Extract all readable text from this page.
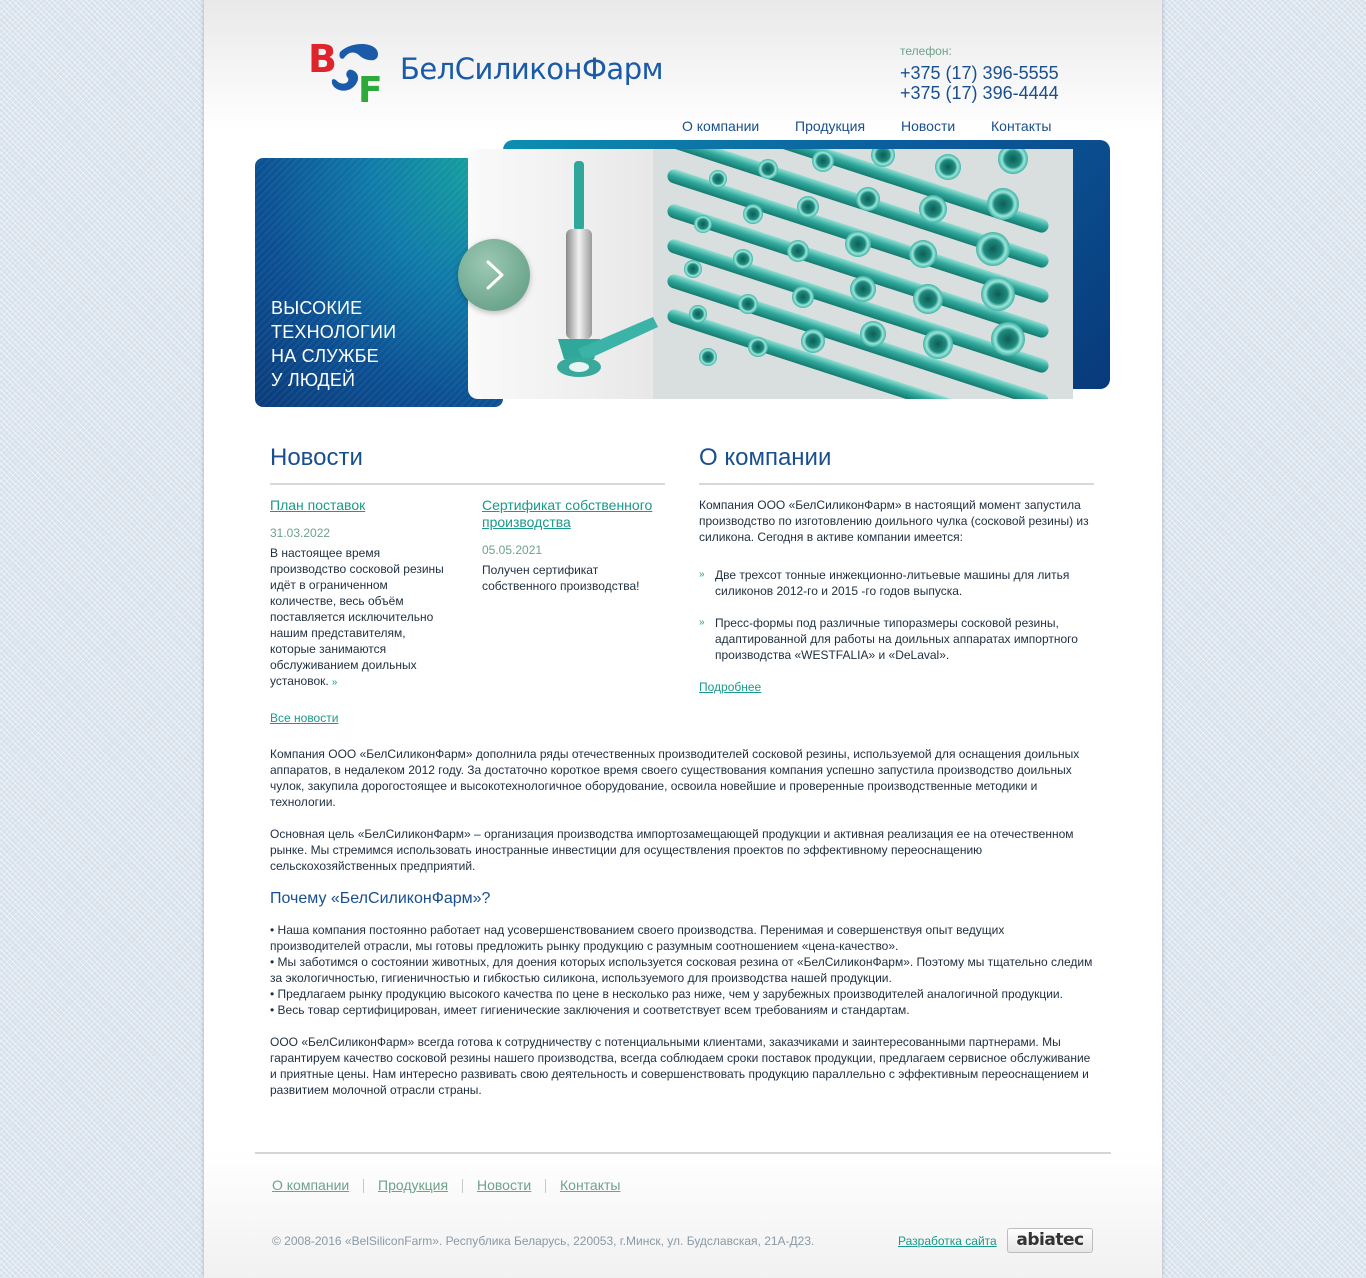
B
F
БелСиликонФарм
телефон:
+375 (17) 396-5555
+375 (17) 396-4444
О компании	Продукция	Новости	Контакты
ВЫСОКИЕ
ТЕХНОЛОГИИ
НА СЛУЖБЕ
У ЛЮДЕЙ
Новости
План поставок
31.03.2022
В настоящее время производство сосковой резины идёт в ограниченном количестве, весь объём поставляется исключительно нашим представителям, которые занимаются обслуживанием доильных установок. »
Сертификат собственного производства
05.05.2021
Получен сертификат собственного производства!
Все новости
О компании

Компания ООО «БелСиликонФарм» в настоящий момент запустила производство по изготовлению доильного чулка (сосковой резины) из силикона. Сегодня в активе компании имеется:

» Две трехсот тонные инжекционно-литьевые машины для литья силиконов 2012-го и 2015 -го годов выпуска.
» Пресс-формы под различные типоразмеры сосковой резины, адаптированной для работы на доильных аппаратах импортного производства «WESTFALIA» и «DeLaval».
Подробнее

Компания ООО «БелСиликонФарм» дополнила ряды отечественных производителей сосковой резины, используемой для оснащения доильных аппаратов, в недалеком 2012 году. За достаточно короткое время своего существования компания успешно запустила производство доильных чулок, закупила дорогостоящее и высокотехнологичное оборудование, освоила новейшие и проверенные производственные методики и технологии.

Основная цель «БелСиликонФарм» – организация производства импортозамещающей продукции и активная реализация ее на отечественном рынке. Мы стремимся использовать иностранные инвестиции для осуществления проектов по эффективному переоснащению сельскохозяйственных предприятий.

Почему «БелСиликонФарм»?
• Наша компания постоянно работает над усовершенствованием своего производства. Перенимая и совершенствуя опыт ведущих производителей отрасли, мы готовы предложить рынку продукцию с разумным соотношением «цена-качество».
• Мы заботимся о состоянии животных, для доения которых используется сосковая резина от «БелСиликонФарм». Поэтому мы тщательно следим за экологичностью, гигиеничностью и гибкостью силикона, используемого для производства нашей продукции.
• Предлагаем рынку продукцию высокого качества по цене в несколько раз ниже, чем у зарубежных производителей аналогичной продукции.
• Весь товар сертифицирован, имеет гигиенические заключения и соответствует всем требованиям и стандартам.

ООО «БелСиликонФарм» всегда готова к сотрудничеству с потенциальными клиентами, заказчиками и заинтересованными партнерами. Мы гарантируем качество сосковой резины нашего производства, всегда соблюдаем сроки поставок продукции, предлагаем сервисное обслуживание и приятные цены. Нам интересно развивать свою деятельность и совершенствовать продукцию параллельно с эффективным переоснащением и развитием молочной отрасли страны.

О компании Продукция Новости Контакты
© 2008-2016 «BelSiliconFarm». Республика Беларусь, 220053, г.Минск, ул. Будславская, 21А-Д23.	Разработка сайта	abiatec
